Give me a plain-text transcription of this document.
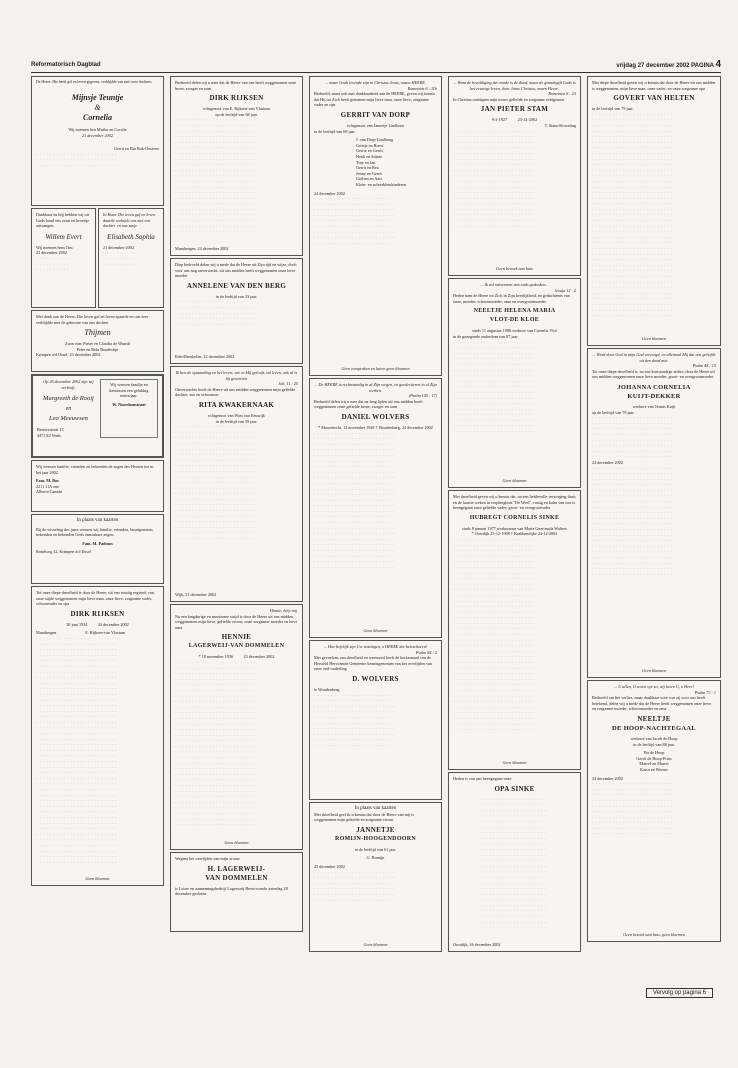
Reformatorisch Dagblad	vrijdag 27 december 2002 PAGINA 4
De Heere. Hie heeft gel en leven gegeven, verblijdde van met twee dochters
Mijnsje Teuntje
&
Cornelia
Wij noemen hen Mirthe en Coralie
21 december 2002
Gerrit en Bia Bok-Oostvee
· · · · · · · · · · · · · · · · · · · · · · · ·
· · · · · · · · · · · · · · · · · · · · · · · ·
· · · · · · · · · · · · · · · · · · · · · · · ·
Dankbaar en blij hebben wij uit Gods hand ons zoon en broertje ontvangen
Willem Evert
Wij noemen hem Tim
23 december 2002
· · · · · · · · · ·
· · · · · · · · · ·
· · · · · · · · · ·
In Haar. Die leven gaf en leven daarde verbijde ons met een dochter en ons zusje
Elisabeth Sophia
21 december 2002
· · · · · · · · · ·
· · · · · · · · · ·
· · · · · · · · · ·
Met dank aan de Heere. Die leven gaf en leven spaarde en ons zeer verblijdde met de geboorte van ons dochter
Thijmen
Zoon van: Pieter en Claudia de Waardt
Peter en Rida Boudestijn
Krimpen a/d IJssel, 23 december 2002
Op 26 december 2002 zijn wij verlooft.
Margreeth de Rooij
en
Leo Meeuwsen
Beatrixstraat 15
4471 EJ Venlo
Wij wensen familie en kennissen een gelukkig nieuwjaar.
W. Noordamstraat
Wij wensen familie, vrienden en bekenden de zegen des Heeren toe in het jaar 2002.
Fam. M. Bos
2211 11A ene
Alberta Canada
In plaats van kaarten
Bij de wisseling des jaars wensen wij familie, vrienden, buurtgenoten, bekenden en bekenden Gods onmisbare zegen.
Fam. M. Padmos
Rondweg 32, Krimpen a/d IJssel
Tot onze diepe droefheid is door de Heere, uit een erustig regiend, van onze stijde weggenomen mijn lieve man, onze lieve, zorgzame vader, schoonvader en opa
DIRK RIJKSEN
30 juni 1934          24 december 2002
Maasbergen	E. Rijksen-van Vlastum
· · · · · · · · · · · · · · · · · · · · · · · ·
· · · · · · · · · · · · · · · · · · · · · · · ·
· · · · · · · · · · · · · · · · · · · · · · · ·
· · · · · · · · · · · · · · · · · · · · · · · ·
· · · · · · · · · · · · · · · · · · · · · · · ·
· · · · · · · · · · · · · · · · · · · · · · · ·
· · · · · · · · · · · · · · · · · · · · · · · ·
· · · · · · · · · · · · · · · · · · · · · · · ·
· · · · · · · · · · · · · · · · · · · · · · · ·
· · · · · · · · · · · · · · · · · · · · · · · ·
· · · · · · · · · · · · · · · · · · · · · · · ·
· · · · · · · · · · · · · · · · · · · · · · · ·
· · · · · · · · · · · · · · · · · · · · · · · ·
· · · · · · · · · · · · · · · · · · · · · · · ·
· · · · · · · · · · · · · · · · · · · · · · · ·
· · · · · · · · · · · · · · · · · · · · · · · ·
· · · · · · · · · · · · · · · · · · · · · · · ·
· · · · · · · · · · · · · · · · · · · · · · · ·
· · · · · · · · · · · · · · · · · · · · · · · ·
· · · · · · · · · · · · · · · · · · · · · · · ·
· · · · · · · · · · · · · · · · · · · · · · · ·
· · · · · · · · · · · · · · · · · · · · · · · ·
· · · · · · · · · · · · · · · · · · · · · · · ·
· · · · · · · · · · · · · · · · · · · · · · · ·
· · · · · · · · · · · · · · · · · · · · · · · ·
· · · · · · · · · · · · · · · · · · · · · · · ·
· · · · · · · · · · · · · · · · · · · · · · · ·
· · · · · · · · · · · · · · · · · · · · · · · ·
· · · · · · · · · · · · · · · · · · · · · · · ·
· · · · · · · · · · · · · · · · · · · · · · · ·
· · · · · · · · · · · · · · · · · · · · · · · ·
· · · · · · · · · · · · · · · · · · · · · · · ·
· · · · · · · · · · · · · · · · · · · · · · · ·
· · · · · · · · · · · · · · · · · · · · · · · ·
· · · · · · · · · · · · · · · · · · · · · · · ·
· · · · · · · · · · · · · · · · · · · · · · · ·
· · · · · · · · · · · · · · · · · · · · · · · ·
· · · · · · · · · · · · · · · · · · · · · · · ·
· · · · · · · · · · · · · · · · · · · · · · · ·
· · · · · · · · · · · · · · · · · · · · · · · ·
· · · · · · · · · · · · · · · · · · · · · · · ·
Geen bloemen
Bedroefd delen wij u mee dat de Heere van ons heeft weggenomen onze broer, zwager en oom
DIRK RIJKSEN
echtgenoot van E. Rijksen-van Vlastum
op de leeftijd van 68 jaar.
· · · · · · · · · · · · · · · · · · · · · · · ·
· · · · · · · · · · · · · · · · · · · · · · · ·
· · · · · · · · · · · · · · · · · · · · · · · ·
· · · · · · · · · · · · · · · · · · · · · · · ·
· · · · · · · · · · · · · · · · · · · · · · · ·
· · · · · · · · · · · · · · · · · · · · · · · ·
· · · · · · · · · · · · · · · · · · · · · · · ·
· · · · · · · · · · · · · · · · · · · · · · · ·
· · · · · · · · · · · · · · · · · · · · · · · ·
· · · · · · · · · · · · · · · · · · · · · · · ·
· · · · · · · · · · · · · · · · · · · · · · · ·
· · · · · · · · · · · · · · · · · · · · · · · ·
· · · · · · · · · · · · · · · · · · · · · · · ·
· · · · · · · · · · · · · · · · · · · · · · · ·
· · · · · · · · · · · · · · · · · · · · · · · ·
· · · · · · · · · · · · · · · · · · · · · · · ·
· · · · · · · · · · · · · · · · · · · · · · · ·
· · · · · · · · · · · · · · · · · · · · · · · ·
· · · · · · · · · · · · · · · · · · · · · · · ·
· · · · · · · · · · · · · · · · · · · · · · · ·
· · · · · · · · · · · · · · · · · · · · · · · ·
Maasbergen, 24 december 2002
Diep bedroefd delen wij u mede dat de Heere uit Zijn tijd en wijze, doch voor ons nog onverwacht, uit ons midden heeft weggenomen onze lieve moeder
ANNELENE VAN DEN BERG
in de leeftijd van 33 jaar.
· · · · · · · · · · · · · · · · · · · · · · · ·
· · · · · · · · · · · · · · · · · · · · · · · ·
· · · · · · · · · · · · · · · · · · · · · · · ·
· · · · · · · · · · · · · · · · · · · · · · · ·
· · · · · · · · · · · · · · · · · · · · · · · ·
Eder/Breukelen, 22 december 2002
Ik ben de opstanding en het leven; wie in Mij gelooft, zal leven, ook al is hij gestorven
Joh. 11 : 25
Onverwachts heeft de Heere uit ons midden weggenomen mijn geliefde dochter, zus en schoonzus
RITA KWAKERNAAK
echtgenoot van Wim van Eeuwijk
in de leeftijd van 59 jaar.
· · · · · · · · · · · · · · · · · · · · · · · ·
· · · · · · · · · · · · · · · · · · · · · · · ·
· · · · · · · · · · · · · · · · · · · · · · · ·
· · · · · · · · · · · · · · · · · · · · · · · ·
· · · · · · · · · · · · · · · · · · · · · · · ·
· · · · · · · · · · · · · · · · · · · · · · · ·
· · · · · · · · · · · · · · · · · · · · · · · ·
· · · · · · · · · · · · · · · · · · · · · · · ·
· · · · · · · · · · · · · · · · · · · · · · · ·
· · · · · · · · · · · · · · · · · · · · · · · ·
· · · · · · · · · · · · · · · · · · · · · · · ·
· · · · · · · · · · · · · · · · · · · · · · · ·
· · · · · · · · · · · · · · · · · · · · · · · ·
· · · · · · · · · · · · · · · · · · · · · · · ·
· · · · · · · · · · · · · · · · · · · · · · · ·
· · · · · · · · · · · · · · · · · · · · · · · ·
· · · · · · · · · · · · · · · · · · · · · · · ·
· · · · · · · · · · · · · · · · · · · · · · · ·
· · · · · · · · · · · · · · · · · · · · · · · ·
· · · · · · · · · · · · · · · · · · · · · · · ·
· · · · · · · · · · · · · · · · · · · · · · · ·
Wijk, 21 december 2002
Hinnie, help mij.
Na een langdurige en moeizame strijd is door de Heere uit ons midden weggenomen mijn lieve, geliefde vrouw, onze zorgzame moeder en lieve oma
HENNIE
LAGERWEIJ-VAN DOMMELEN
* 18 november 1936          23 december 2002
· · · · · · · · · · · · · · · · · · · · · · · ·
· · · · · · · · · · · · · · · · · · · · · · · ·
· · · · · · · · · · · · · · · · · · · · · · · ·
· · · · · · · · · · · · · · · · · · · · · · · ·
· · · · · · · · · · · · · · · · · · · · · · · ·
· · · · · · · · · · · · · · · · · · · · · · · ·
· · · · · · · · · · · · · · · · · · · · · · · ·
· · · · · · · · · · · · · · · · · · · · · · · ·
· · · · · · · · · · · · · · · · · · · · · · · ·
· · · · · · · · · · · · · · · · · · · · · · · ·
· · · · · · · · · · · · · · · · · · · · · · · ·
· · · · · · · · · · · · · · · · · · · · · · · ·
· · · · · · · · · · · · · · · · · · · · · · · ·
· · · · · · · · · · · · · · · · · · · · · · · ·
· · · · · · · · · · · · · · · · · · · · · · · ·
· · · · · · · · · · · · · · · · · · · · · · · ·
· · · · · · · · · · · · · · · · · · · · · · · ·
· · · · · · · · · · · · · · · · · · · · · · · ·
· · · · · · · · · · · · · · · · · · · · · · · ·
· · · · · · · · · · · · · · · · · · · · · · · ·
· · · · · · · · · · · · · · · · · · · · · · · ·
· · · · · · · · · · · · · · · · · · · · · · · ·
· · · · · · · · · · · · · · · · · · · · · · · ·
· · · · · · · · · · · · · · · · · · · · · · · ·
· · · · · · · · · · · · · · · · · · · · · · · ·
· · · · · · · · · · · · · · · · · · · · · · · ·
· · · · · · · · · · · · · · · · · · · · · · · ·
· · · · · · · · · · · · · · · · · · · · · · · ·
· · · · · · · · · · · · · · · · · · · · · · · ·
· · · · · · · · · · · · · · · · · · · · · · · ·
Geen bloemen
Wegens het overlijden van mijn vrouw
H. LAGERWEIJ-
VAN DOMMELEN
is Loon- en aannemingsbedrijf Lagerweij Beest-woude zaterdag 28 december gesloten.
... maar Gods levende zijn in Christus Jezus, onzen HEERE.
Romeinen 6 : 11b
Bedroefd, maar ook met dankbaarheid aan de HEERE, geven wij kennis dat Hij tot Zich heeft genomen mijn lieve man, onze lieve, zorgzame vader en opa
GERRIT VAN DORP
echtgenoot van Jannetje Lindhout
in de leeftijd van 69 jaar.
J. van Dorp-Lindhoug
Grietje en Boest
Gerrie en Gerrit
Henk en Stijnie
Tiny en Jan
Gerrit en Bea
Jenny en Gerrit
Gotlien en Aart
Klein- en achterkleinkinderen
24 december 2002
· · · · · · · · · · · · · · · · · · · · · · · ·
· · · · · · · · · · · · · · · · · · · · · · · ·
· · · · · · · · · · · · · · · · · · · · · · · ·
· · · · · · · · · · · · · · · · · · · · · · · ·
· · · · · · · · · · · · · · · · · · · · · · · ·
· · · · · · · · · · · · · · · · · · · · · · · ·
· · · · · · · · · · · · · · · · · · · · · · · ·
· · · · · · · · · · · · · · · · · · · · · · · ·
· · · · · · · · · · · · · · · · · · · · · · · ·
Geen toespraken en latere geen bloemen
... De HEERE is rechtvaardig in al Zijn wegen, en goedertieren in al Zijn werken.
(Psalm 145 : 17)
Bedroefd delen wij u mee dat na lang lijden uit ons midden heeft weggenomen onze geliefde broer, zwager en oom
DANIEL WOLVERS
* Moordrecht, 14 november 1928 † Woudenberg, 24 december 2002
· · · · · · · · · · · · · · · · · · · · · · · ·
· · · · · · · · · · · · · · · · · · · · · · · ·
· · · · · · · · · · · · · · · · · · · · · · · ·
· · · · · · · · · · · · · · · · · · · · · · · ·
· · · · · · · · · · · · · · · · · · · · · · · ·
· · · · · · · · · · · · · · · · · · · · · · · ·
· · · · · · · · · · · · · · · · · · · · · · · ·
· · · · · · · · · · · · · · · · · · · · · · · ·
· · · · · · · · · · · · · · · · · · · · · · · ·
· · · · · · · · · · · · · · · · · · · · · · · ·
· · · · · · · · · · · · · · · · · · · · · · · ·
· · · · · · · · · · · · · · · · · · · · · · · ·
· · · · · · · · · · · · · · · · · · · · · · · ·
· · · · · · · · · · · · · · · · · · · · · · · ·
· · · · · · · · · · · · · · · · · · · · · · · ·
· · · · · · · · · · · · · · · · · · · · · · · ·
· · · · · · · · · · · · · · · · · · · · · · · ·
· · · · · · · · · · · · · · · · · · · · · · · ·
· · · · · · · · · · · · · · · · · · · · · · · ·
· · · · · · · · · · · · · · · · · · · · · · · ·
· · · · · · · · · · · · · · · · · · · · · · · ·
· · · · · · · · · · · · · · · · · · · · · · · ·
· · · · · · · · · · · · · · · · · · · · · · · ·
· · · · · · · · · · · · · · · · · · · · · · · ·
· · · · · · · · · · · · · · · · · · · · · · · ·
Geen bloemen
... Hoe liefelijk zijn Uw woningen, o HEERE der heirscharen!
Psalm 84 : 2
Met gevoelens van droefheid en weemoed heeft de kerkenraad van de Hersteld Hervormde Gemeente kennisgenomen van het overlijden van onze oud-ouderling
D. WOLVERS
te Woudenberg.
· · · · · · · · · · · · · · · · · · · · · · · ·
· · · · · · · · · · · · · · · · · · · · · · · ·
· · · · · · · · · · · · · · · · · · · · · · · ·
· · · · · · · · · · · · · · · · · · · · · · · ·
· · · · · · · · · · · · · · · · · · · · · · · ·
· · · · · · · · · · · · · · · · · · · · · · · ·
· · · · · · · · · · · · · · · · · · · · · · · ·
· · · · · · · · · · · · · · · · · · · · · · · ·
· · · · · · · · · · · · · · · · · · · · · · · ·
· · · · · · · · · · · · · · · · · · · · · · · ·
In plaats van kaarten
Met droefheid geef ik u kennis dat door de Heere van mij is weggenomen mijn geliefde en zorgzame vrouw
JANNETJE
ROMIJN-HOOGENDOORN
in de leeftijd van 61 jaar.
G. Romijn
25 december 2002
· · · · · · · · · · · · · · · · · · · · · · · ·
· · · · · · · · · · · · · · · · · · · · · · · ·
· · · · · · · · · · · · · · · · · · · · · · · ·
· · · · · · · · · · · · · · · · · · · · · · · ·
· · · · · · · · · · · · · · · · · · · · · · · ·
· · · · · · · · · · · · · · · · · · · · · · · ·
Geen bloemen
... Want de bezoldiging der zonde is de dood, maar de genadegift Gods is het eeuwige leven, door Jezus Christus, onzen Heere.
Romeinen 6 : 23
In Christus ontslapen mijn trouw geliefde en zorgzame echtgenoot
JAN PIETER STAM
9-2-1927          23-12-2002
T. Stam-Slowaling
· · · · · · · · · · · · · · · · · · · · · · · ·
· · · · · · · · · · · · · · · · · · · · · · · ·
· · · · · · · · · · · · · · · · · · · · · · · ·
· · · · · · · · · · · · · · · · · · · · · · · ·
· · · · · · · · · · · · · · · · · · · · · · · ·
· · · · · · · · · · · · · · · · · · · · · · · ·
· · · · · · · · · · · · · · · · · · · · · · · ·
· · · · · · · · · · · · · · · · · · · · · · · ·
· · · · · · · · · · · · · · · · · · · · · · · ·
· · · · · · · · · · · · · · · · · · · · · · · ·
· · · · · · · · · · · · · · · · · · · · · · · ·
· · · · · · · · · · · · · · · · · · · · · · · ·
· · · · · · · · · · · · · · · · · · · · · · · ·
· · · · · · · · · · · · · · · · · · · · · · · ·
· · · · · · · · · · · · · · · · · · · · · · · ·
· · · · · · · · · · · · · · · · · · · · · · · ·
· · · · · · · · · · · · · · · · · · · · · · · ·
· · · · · · · · · · · · · · · · · · · · · · · ·
Geen bezoek aan huis
... Ik zal ontvermen van ouds gedenken...
Jesaja 12 : 2
Heden nam de Heere tot Zich in Zijn heerlijkheid, en gedachtenis van onze, moeder, schoonmoeder, oma en overgrootmoeder
NEELTJE HELENA MARIA
VLOT-DE KLOE
sinds 11 augustus 1986 weduwe van Cornelis Vlot
in de gezegende ouderdom van 87 jaar.
· · · · · · · · · · · · · · · · · · · · · · · ·
· · · · · · · · · · · · · · · · · · · · · · · ·
· · · · · · · · · · · · · · · · · · · · · · · ·
· · · · · · · · · · · · · · · · · · · · · · · ·
· · · · · · · · · · · · · · · · · · · · · · · ·
· · · · · · · · · · · · · · · · · · · · · · · ·
· · · · · · · · · · · · · · · · · · · · · · · ·
· · · · · · · · · · · · · · · · · · · · · · · ·
· · · · · · · · · · · · · · · · · · · · · · · ·
· · · · · · · · · · · · · · · · · · · · · · · ·
· · · · · · · · · · · · · · · · · · · · · · · ·
· · · · · · · · · · · · · · · · · · · · · · · ·
· · · · · · · · · · · · · · · · · · · · · · · ·
· · · · · · · · · · · · · · · · · · · · · · · ·
· · · · · · · · · · · · · · · · · · · · · · · ·
· · · · · · · · · · · · · · · · · · · · · · · ·
· · · · · · · · · · · · · · · · · · · · · · · ·
Geen bloemen
Met droefheid geven wij u kennis dat, na een liefdevolle verzorging thuis en de laatste weken in verpleeghuis "De Weel", rustig en kalm van ons is heengegaan onze geliefde vader, groot- en overgrootvader
HUBREGT CORNELIS SINKE
sinds 8 januari 1977 weduwnaar van Maria Geertruida Walters
* Oostdijk 25-12-1908 † Krabbendijke 24-12-2002
· · · · · · · · · · · · · · · · · · · · · · · ·
· · · · · · · · · · · · · · · · · · · · · · · ·
· · · · · · · · · · · · · · · · · · · · · · · ·
· · · · · · · · · · · · · · · · · · · · · · · ·
· · · · · · · · · · · · · · · · · · · · · · · ·
· · · · · · · · · · · · · · · · · · · · · · · ·
· · · · · · · · · · · · · · · · · · · · · · · ·
· · · · · · · · · · · · · · · · · · · · · · · ·
· · · · · · · · · · · · · · · · · · · · · · · ·
· · · · · · · · · · · · · · · · · · · · · · · ·
· · · · · · · · · · · · · · · · · · · · · · · ·
· · · · · · · · · · · · · · · · · · · · · · · ·
· · · · · · · · · · · · · · · · · · · · · · · ·
· · · · · · · · · · · · · · · · · · · · · · · ·
· · · · · · · · · · · · · · · · · · · · · · · ·
· · · · · · · · · · · · · · · · · · · · · · · ·
· · · · · · · · · · · · · · · · · · · · · · · ·
· · · · · · · · · · · · · · · · · · · · · · · ·
· · · · · · · · · · · · · · · · · · · · · · · ·
· · · · · · · · · · · · · · · · · · · · · · · ·
· · · · · · · · · · · · · · · · · · · · · · · ·
· · · · · · · · · · · · · · · · · · · · · · · ·
· · · · · · · · · · · · · · · · · · · · · · · ·
· · · · · · · · · · · · · · · · · · · · · · · ·
· · · · · · · · · · · · · · · · · · · · · · · ·
· · · · · · · · · · · · · · · · · · · · · · · ·
· · · · · · · · · · · · · · · · · · · · · · · ·
· · · · · · · · · · · · · · · · · · · · · · · ·
· · · · · · · · · · · · · · · · · · · · · · · ·
· · · · · · · · · · · · · · · · · · · · · · · ·
· · · · · · · · · · · · · · · · · · · · · · · ·
· · · · · · · · · · · · · · · · · · · · · · · ·
· · · · · · · · · · · · · · · · · · · · · · · ·
· · · · · · · · · · · · · · · · · · · · · · · ·
· · · · · · · · · · · · · · · · · · · · · · · ·
Geen bloemen
Heden is van ons heengegaan onze
OPA SINKE
· · · · · · · · · · · · · · · · · · ·
· · · · · · · · · · · · · · · · · · ·
· · · · · · · · · · · · · · · · · · ·
· · · · · · · · · · · · · · · · · · ·
· · · · · · · · · · · · · · · · · · ·
· · · · · · · · · · · · · · · · · · ·
· · · · · · · · · · · · · · · · · · ·
· · · · · · · · · · · · · · · · · · ·
· · · · · · · · · · · · · · · · · · ·
· · · · · · · · · · · · · · · · · · ·
· · · · · · · · · · · · · · · · · · ·
· · · · · · · · · · · · · · · · · · ·
· · · · · · · · · · · · · · · · · · ·
· · · · · · · · · · · · · · · · · · ·
· · · · · · · · · · · · · · · · · · ·
· · · · · · · · · · · · · · · · · · ·
· · · · · · · · · · · · · · · · · · ·
· · · · · · · · · · · · · · · · · · ·
· · · · · · · · · · · · · · · · · · ·
· · · · · · · · · · · · · · · · · · ·
· · · · · · · · · · · · · · · · · · ·
· · · · · · · · · · · · · · · · · · ·
· · · · · · · · · · · · · · · · · · ·
· · · · · · · · · · · · · · · · · · ·
Oostdijk, 26 december 2002
Met diepe droefheid geven wij u kennis dat door de Heere uit ons midden is weggenomen, mijn lieve man, onze vader, en onze zorgzame opa
GOVERT VAN HELTEN
in de leeftijd van 79 jaar.
· · · · · · · · · · · · · · · · · · · · · · · ·
· · · · · · · · · · · · · · · · · · · · · · · ·
· · · · · · · · · · · · · · · · · · · · · · · ·
· · · · · · · · · · · · · · · · · · · · · · · ·
· · · · · · · · · · · · · · · · · · · · · · · ·
· · · · · · · · · · · · · · · · · · · · · · · ·
· · · · · · · · · · · · · · · · · · · · · · · ·
· · · · · · · · · · · · · · · · · · · · · · · ·
· · · · · · · · · · · · · · · · · · · · · · · ·
· · · · · · · · · · · · · · · · · · · · · · · ·
· · · · · · · · · · · · · · · · · · · · · · · ·
· · · · · · · · · · · · · · · · · · · · · · · ·
· · · · · · · · · · · · · · · · · · · · · · · ·
· · · · · · · · · · · · · · · · · · · · · · · ·
· · · · · · · · · · · · · · · · · · · · · · · ·
· · · · · · · · · · · · · · · · · · · · · · · ·
· · · · · · · · · · · · · · · · · · · · · · · ·
· · · · · · · · · · · · · · · · · · · · · · · ·
· · · · · · · · · · · · · · · · · · · · · · · ·
· · · · · · · · · · · · · · · · · · · · · · · ·
· · · · · · · · · · · · · · · · · · · · · · · ·
· · · · · · · · · · · · · · · · · · · · · · · ·
· · · · · · · · · · · · · · · · · · · · · · · ·
· · · · · · · · · · · · · · · · · · · · · · · ·
· · · · · · · · · · · · · · · · · · · · · · · ·
· · · · · · · · · · · · · · · · · · · · · · · ·
· · · · · · · · · · · · · · · · · · · · · · · ·
· · · · · · · · · · · · · · · · · · · · · · · ·
· · · · · · · · · · · · · · · · · · · · · · · ·
· · · · · · · · · · · · · · · · · · · · · · · ·
· · · · · · · · · · · · · · · · · · · · · · · ·
· · · · · · · · · · · · · · · · · · · · · · · ·
· · · · · · · · · · · · · · · · · · · · · · · ·
· · · · · · · · · · · · · · · · · · · · · · · ·
· · · · · · · · · · · · · · · · · · · · · · · ·
· · · · · · · · · · · · · · · · · · · · · · · ·
· · · · · · · · · · · · · · · · · · · · · · · ·
Geen bloemen
... Word door God in mijn God verzorgd, en allemaal Mij dat ons geliefde uit den dood met.
Psalm 48 : 15
Tot onze diepe droefheid is, na een kortstondige ziekte, door de Heere uit ons midden weggenomen onze lieve moeder, groot- en overgrootmoeder
JOHANNA CORNELIA
KUIJT-DEKKER
weduwe van Teunis Kuijt
op de leeftijd van 79 jaar.
· · · · · · · · · · · · · · · · · · · · · · · ·
· · · · · · · · · · · · · · · · · · · · · · · ·
· · · · · · · · · · · · · · · · · · · · · · · ·
· · · · · · · · · · · · · · · · · · · · · · · ·
· · · · · · · · · · · · · · · · · · · · · · · ·
· · · · · · · · · · · · · · · · · · · · · · · ·
· · · · · · · · · · · · · · · · · · · · · · · ·
· · · · · · · · · · · · · · · · · · · · · · · ·
24 december 2002
· · · · · · · · · · · · · · · · · · · · · · · ·
· · · · · · · · · · · · · · · · · · · · · · · ·
· · · · · · · · · · · · · · · · · · · · · · · ·
· · · · · · · · · · · · · · · · · · · · · · · ·
· · · · · · · · · · · · · · · · · · · · · · · ·
· · · · · · · · · · · · · · · · · · · · · · · ·
· · · · · · · · · · · · · · · · · · · · · · · ·
· · · · · · · · · · · · · · · · · · · · · · · ·
· · · · · · · · · · · · · · · · · · · · · · · ·
· · · · · · · · · · · · · · · · · · · · · · · ·
· · · · · · · · · · · · · · · · · · · · · · · ·
· · · · · · · · · · · · · · · · · · · · · · · ·
· · · · · · · · · · · · · · · · · · · · · · · ·
· · · · · · · · · · · · · · · · · · · · · · · ·
· · · · · · · · · · · · · · · · · · · · · · · ·
· · · · · · · · · · · · · · · · · · · · · · · ·
· · · · · · · · · · · · · · · · · · · · · · · ·
· · · · · · · · · · · · · · · · · · · · · · · ·
· · · · · · · · · · · · · · · · · · · · · · · ·
· · · · · · · · · · · · · · · · · · · · · · · ·
Geen bloemen
... U allen, O zoven op/ zo, wij loven U, o Heer!
Psalm 73 : 1
Bedroefd om het verlies, maar dankbaar voor wat zij voor ons heeft betekend, delen wij u mede dat de Heere heeft weggenomen onze lieve en zorgzame moeder, schoonmoeder en oma
NEELTJE
DE HOOP-NACHTEGAAL
weduwe van Jacob de Hoop
in de leeftijd van 88 jaar.
Pia de Hoop
Gerrit de Hoop-Prins
Marcel en Marret
Karin en Werner
24 december 2002
· · · · · · · · · · · · · · · · · · · · · · · ·
· · · · · · · · · · · · · · · · · · · · · · · ·
· · · · · · · · · · · · · · · · · · · · · · · ·
· · · · · · · · · · · · · · · · · · · · · · · ·
· · · · · · · · · · · · · · · · · · · · · · · ·
· · · · · · · · · · · · · · · · · · · · · · · ·
· · · · · · · · · · · · · · · · · · · · · · · ·
· · · · · · · · · · · · · · · · · · · · · · · ·
· · · · · · · · · · · · · · · · · · · · · · · ·
· · · · · · · · · · · · · · · · · · · · · · · ·
Geen bezoek aan huis, geen bloemen
Vervolg op pagina 6
